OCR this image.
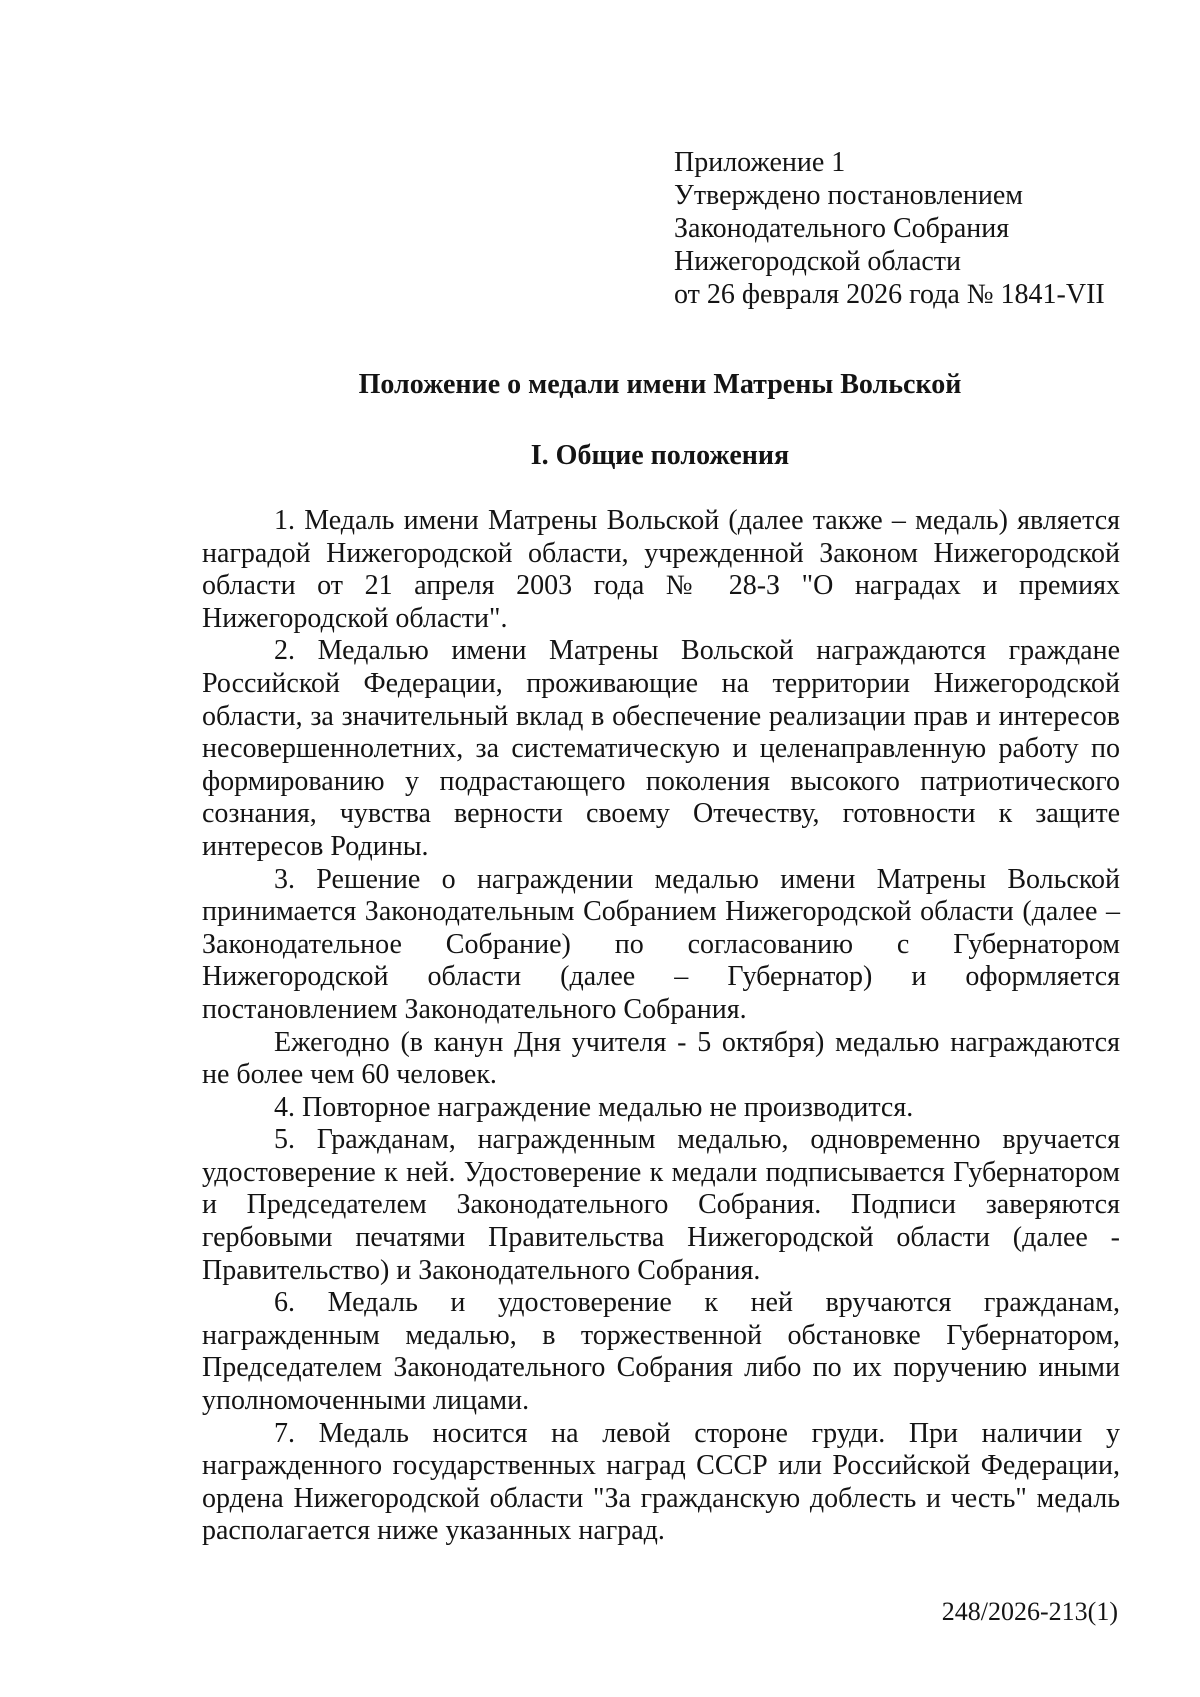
Приложение 1
Утверждено постановлением
Законодательного Собрания
Нижегородской области
от 26 февраля 2026 года № 1841-VII
Положение о медали имени Матрены Вольской
I. Общие положения

1. Медаль имени Матрены Вольской (далее также – медаль) является наградой Нижегородской области, учрежденной Законом Нижегородской области от 21 апреля 2003 года № 28-З "О наградах и премиях Нижегородской области".

2. Медалью имени Матрены Вольской награждаются граждане Российской Федерации, проживающие на территории Нижегородской области, за значительный вклад в обеспечение реализации прав и интересов несовершеннолетних, за систематическую и целенаправленную работу по формированию у подрастающего поколения высокого патриотического сознания, чувства верности своему Отечеству, готовности к защите интересов Родины.

3. Решение о награждении медалью имени Матрены Вольской принимается Законодательным Собранием Нижегородской области (далее – Законодательное Собрание) по согласованию с Губернатором Нижегородской области (далее – Губернатор) и оформляется постановлением Законодательного Собрания.

Ежегодно (в канун Дня учителя - 5 октября) медалью награждаются не более чем 60 человек.

4. Повторное награждение медалью не производится.

5. Гражданам, награжденным медалью, одновременно вручается удостоверение к ней. Удостоверение к медали подписывается Губернатором и Председателем Законодательного Собрания. Подписи заверяются гербовыми печатями Правительства Нижегородской области (далее - Правительство) и Законодательного Собрания.

6. Медаль и удостоверение к ней вручаются гражданам, награжденным медалью, в торжественной обстановке Губернатором, Председателем Законодательного Собрания либо по их поручению иными уполномоченными лицами.

7. Медаль носится на левой стороне груди. При наличии у награжденного государственных наград СССР или Российской Федерации, ордена Нижегородской области "За гражданскую доблесть и честь" медаль располагается ниже указанных наград.

248/2026-213(1)
